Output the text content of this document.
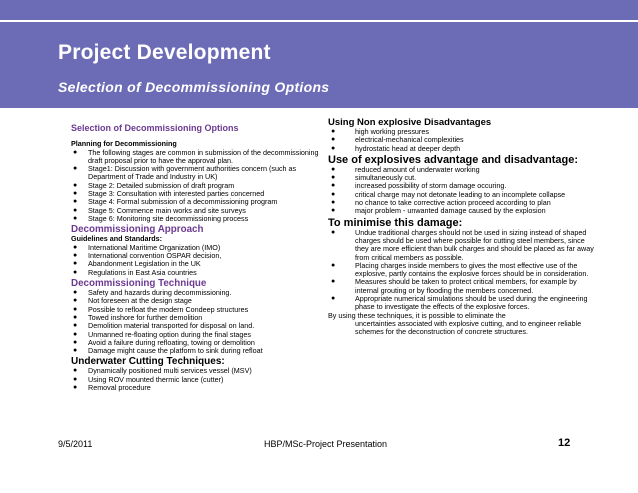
Project Development
Selection of Decommissioning Options
Selection of Decommissioning Options
Planning for Decommissioning
● The following stages are common in submission of the decommissioning draft proposal prior to have the approval plan.
● Stage1: Discussion with government authorities concern (such as Department of Trade and Industry in UK)
● Stage 2: Detailed submission of draft program
● Stage 3: Consultation with interested parties concerned
● Stage 4: Formal submission of a decommissioning program
● Stage 5: Commence main works and site surveys
● Stage 6: Monitoring site decommissioning process
Decommissioning Approach
Guidelines and Standards:
● International Maritime Organization (IMO)
● International convention OSPAR decision,
● Abandonment Legislation in the UK
● Regulations in East Asia countries
Decommissioning Technique
● Safety and hazards during decommissioning.
● Not foreseen at the design stage
● Possible to refloat the modern Condeep structures
● Towed inshore for further demolition
● Demolition material transported for disposal on land.
● Unmanned re-floating option during the final stages
● Avoid a failure during refloating, towing or demolition
● Damage might cause the platform to sink during refloat
Underwater Cutting Techniques:
● Dynamically positioned multi services vessel (MSV)
● Using ROV mounted thermic lance (cutter)
● Removal procedure
Using Non explosive Disadvantages
●	high working pressures
●	electrical-mechanical complexities
●	hydrostatic head at deeper depth
Use of explosives advantage and disadvantage:
●	reduced amount of underwater working
●	simultaneously cut.
●	increased possibility of storm damage occuring.
●	critical charge may not detonate leading to an incomplete collapse
●	no chance to take corrective action proceed according to plan
●	major problem - unwanted damage caused by the explosion
To minimise this damage:
●	Undue traditional charges should not be used in sizing instead of shaped charges should be used where possible for cutting steel members, since they are more efficient than bulk charges and should be placed as far away from critical members as possible.
●	Placing charges inside members to gives the most effective use of the explosive, partly contains the explosive forces should be in consideration.
●	Measures should be taken to protect critical members, for example by internal grouting or by flooding the members concerned.
●	Appropriate numerical simulations should be used during the engineering phase to investigate the effects of the explosive forces.
By using these techniques, it is possible to eliminate the
uncertainties associated with explosive cutting, and to engineer reliable schemes for the deconstruction of concrete structures.
9/5/2011	HBP/MSc-Project Presentation	12
